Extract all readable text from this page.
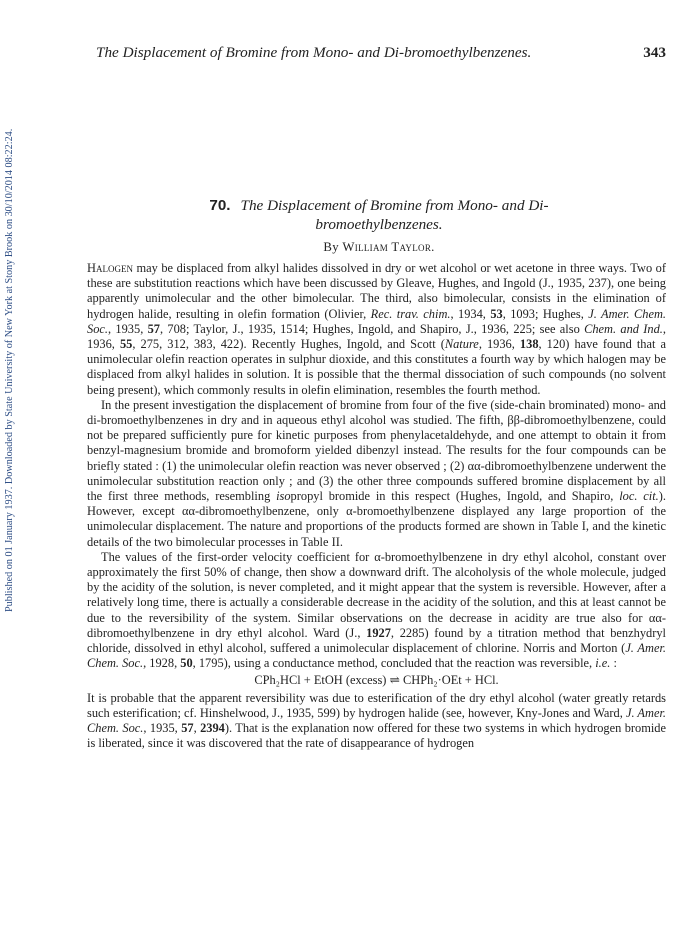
Published on 01 January 1937. Downloaded by State University of New York at Stony Brook on 30/10/2014 08:22:24.
The Displacement of Bromine from Mono- and Di-bromoethylbenzenes.	343
70. The Displacement of Bromine from Mono- and Di-
bromoethylbenzenes.
By William Taylor.

Halogen may be displaced from alkyl halides dissolved in dry or wet alcohol or wet acetone in three ways. Two of these are substitution reactions which have been discussed by Gleave, Hughes, and Ingold (J., 1935, 237), one being apparently unimolecular and the other bimolecular. The third, also bimolecular, consists in the elimination of hydrogen halide, resulting in olefin formation (Olivier, Rec. trav. chim., 1934, 53, 1093; Hughes, J. Amer. Chem. Soc., 1935, 57, 708; Taylor, J., 1935, 1514; Hughes, Ingold, and Shapiro, J., 1936, 225; see also Chem. and Ind., 1936, 55, 275, 312, 383, 422). Recently Hughes, Ingold, and Scott (Nature, 1936, 138, 120) have found that a unimolecular olefin reaction operates in sulphur dioxide, and this constitutes a fourth way by which halogen may be displaced from alkyl halides in solution. It is possible that the thermal dissociation of such compounds (no solvent being present), which commonly results in olefin elimination, resembles the fourth method.

In the present investigation the displacement of bromine from four of the five (side-chain brominated) mono- and di-bromoethylbenzenes in dry and in aqueous ethyl alcohol was studied. The fifth, ββ-dibromoethylbenzene, could not be prepared sufficiently pure for kinetic purposes from phenylacetaldehyde, and one attempt to obtain it from benzyl-magnesium bromide and bromoform yielded dibenzyl instead. The results for the four compounds can be briefly stated : (1) the unimolecular olefin reaction was never observed ; (2) αα-dibromoethylbenzene underwent the unimolecular substitution reaction only ; and (3) the other three compounds suffered bromine displacement by all the first three methods, resembling isopropyl bromide in this respect (Hughes, Ingold, and Shapiro, loc. cit.). However, except αα-dibromoethylbenzene, only α-bromoethylbenzene displayed any large proportion of the unimolecular displacement. The nature and proportions of the products formed are shown in Table I, and the kinetic details of the two bimolecular processes in Table II.

The values of the first-order velocity coefficient for α-bromoethylbenzene in dry ethyl alcohol, constant over approximately the first 50% of change, then show a downward drift. The alcoholysis of the whole molecule, judged by the acidity of the solution, is never completed, and it might appear that the system is reversible. However, after a relatively long time, there is actually a considerable decrease in the acidity of the solution, and this at least cannot be due to the reversibility of the system. Similar observations on the decrease in acidity are true also for αα-dibromoethylbenzene in dry ethyl alcohol. Ward (J., 1927, 2285) found by a titration method that benzhydryl chloride, dissolved in ethyl alcohol, suffered a unimolecular displacement of chlorine. Norris and Morton (J. Amer. Chem. Soc., 1928, 50, 1795), using a conductance method, concluded that the reaction was reversible, i.e. :

CPh₂HCl + EtOH (excess) ⇌ CHPh₂·OEt + HCl.

It is probable that the apparent reversibility was due to esterification of the dry ethyl alcohol (water greatly retards such esterification; cf. Hinshelwood, J., 1935, 599) by hydrogen halide (see, however, Kny-Jones and Ward, J. Amer. Chem. Soc., 1935, 57, 2394). That is the explanation now offered for these two systems in which hydrogen bromide is liberated, since it was discovered that the rate of disappearance of hydrogen
